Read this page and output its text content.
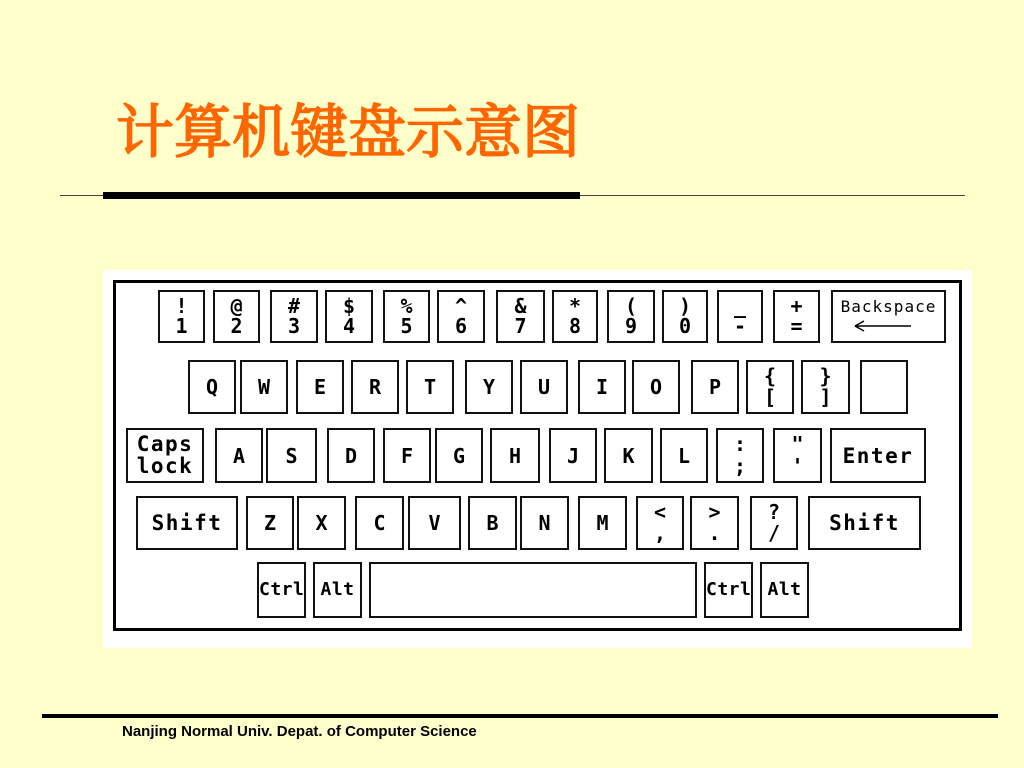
计算机键盘示意图
!
1
@
2
#
3
$
4
%
5
^
6
&
7
*
8
(
9
)
0
_
-
+
=
Backspace
Q	W	E	R	T	Y	U	I	O	P	{
[
}
]
Caps
lock	A	S	D	F	G	H	J	K	L	:
;
"
'	Enter
Shift	Z	X	C	V	B	N	M	<
,
>
.
?
/	Shift
Ctrl Alt	Ctrl Alt
Nanjing Normal Univ. Depat. of Computer Science
